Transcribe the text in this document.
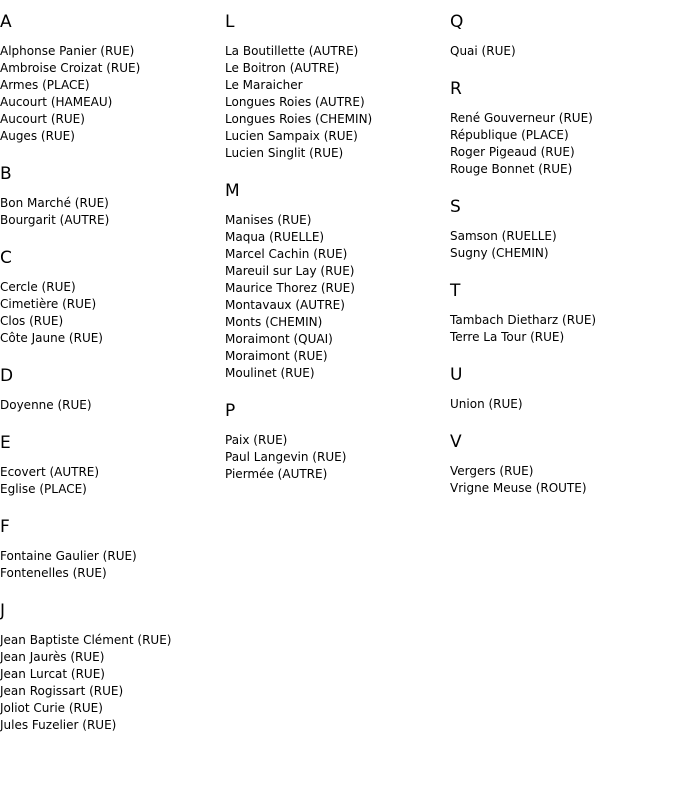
A
Alphonse Panier (RUE)
Ambroise Croizat (RUE)
Armes (PLACE)
Aucourt (HAMEAU)
Aucourt (RUE)
Auges (RUE)
B
Bon Marché (RUE)
Bourgarit (AUTRE)
C
Cercle (RUE)
Cimetière (RUE)
Clos (RUE)
Côte Jaune (RUE)
D
Doyenne (RUE)
E
Ecovert (AUTRE)
Eglise (PLACE)
F
Fontaine Gaulier (RUE)
Fontenelles (RUE)
J
Jean Baptiste Clément (RUE)
Jean Jaurès (RUE)
Jean Lurcat (RUE)
Jean Rogissart (RUE)
Joliot Curie (RUE)
Jules Fuzelier (RUE)
L
La Boutillette (AUTRE)
Le Boitron (AUTRE)
Le Maraicher
Longues Roies (AUTRE)
Longues Roies (CHEMIN)
Lucien Sampaix (RUE)
Lucien Singlit (RUE)
M
Manises (RUE)
Maqua (RUELLE)
Marcel Cachin (RUE)
Mareuil sur Lay (RUE)
Maurice Thorez (RUE)
Montavaux (AUTRE)
Monts (CHEMIN)
Moraimont (QUAI)
Moraimont (RUE)
Moulinet (RUE)
P
Paix (RUE)
Paul Langevin (RUE)
Piermée (AUTRE)
Q
Quai (RUE)
R
René Gouverneur (RUE)
République (PLACE)
Roger Pigeaud (RUE)
Rouge Bonnet (RUE)
S
Samson (RUELLE)
Sugny (CHEMIN)
T
Tambach Dietharz (RUE)
Terre La Tour (RUE)
U
Union (RUE)
V
Vergers (RUE)
Vrigne Meuse (ROUTE)
